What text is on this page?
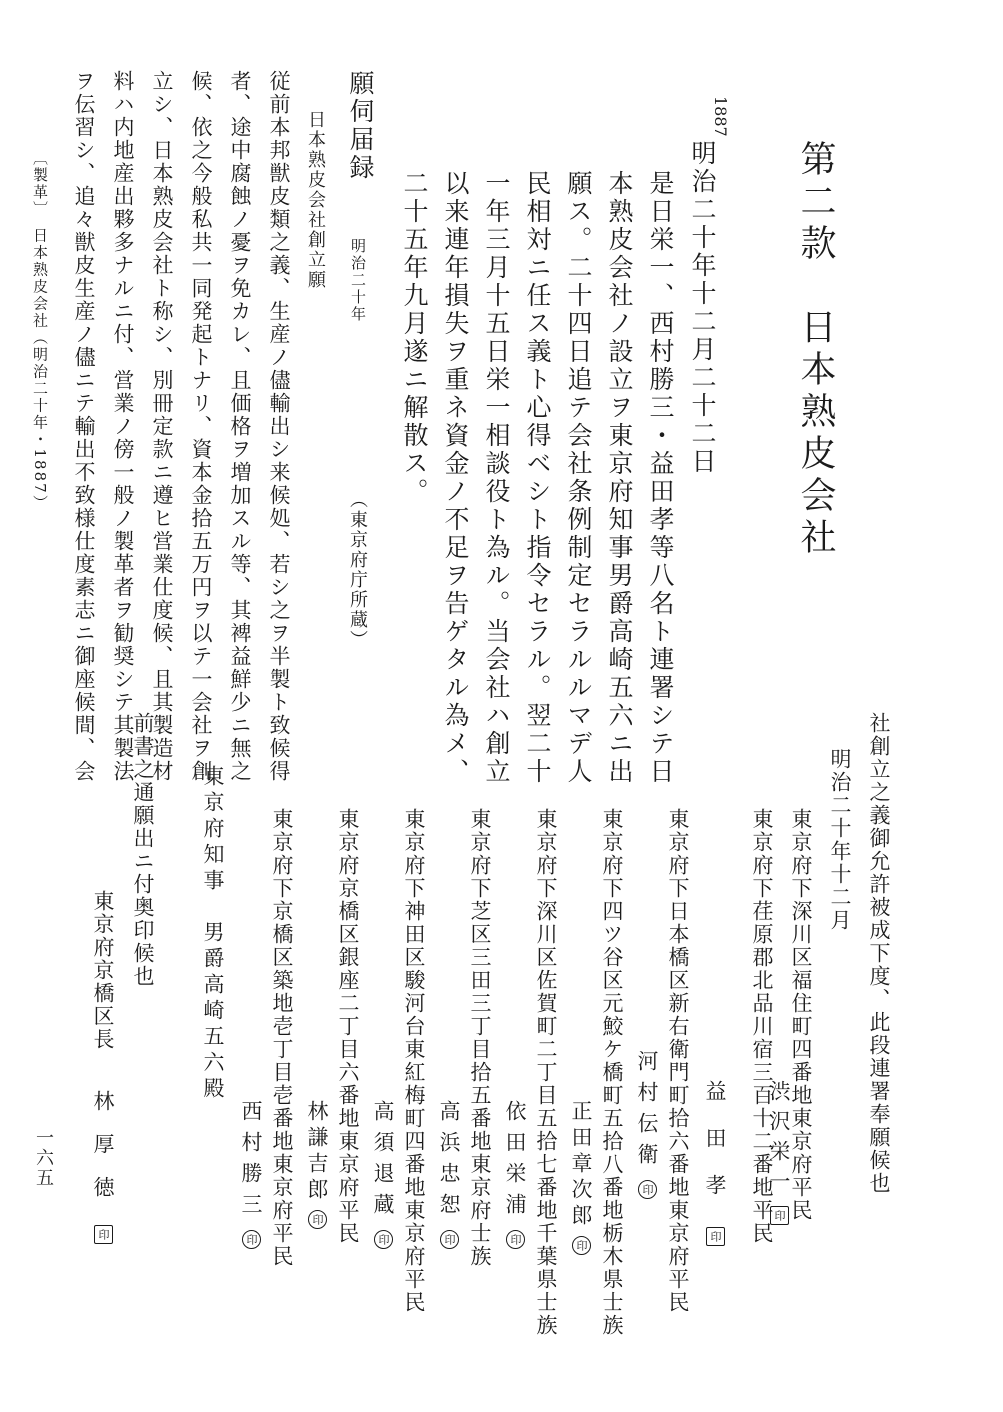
第二款　日本熟皮会社
1887
明治二十年十二月二十二日
是日栄一、西村勝三・益田孝等八名ト連署シテ日
本熟皮会社ノ設立ヲ東京府知事男爵高崎五六ニ出
願ス。二十四日追テ会社条例制定セラルルマデ人
民相対ニ任ス義ト心得ベシト指令セラル。翌二十
一年三月十五日栄一相談役ト為ル。当会社ハ創立
以来連年損失ヲ重ネ資金ノ不足ヲ告ゲタル為メ、
二十五年九月遂ニ解散ス。
願伺届録
明治二十年
（東京府庁所蔵）
日本熟皮会社創立願
従前本邦獣皮類之義、生産ノ儘輸出シ来候処、若シ之ヲ半製ト致候得
者、途中腐蝕ノ憂ヲ免カレ、且価格ヲ増加スル等、其裨益鮮少ニ無之
候、依之今般私共一同発起トナリ、資本金拾五万円ヲ以テ一会社ヲ創
立シ、日本熟皮会社ト称シ、別冊定款ニ遵ヒ営業仕度候、且其製造材
料ハ内地産出夥多ナルニ付、営業ノ傍一般ノ製革者ヲ勧奨シテ其製法
ヲ伝習シ、追々獣皮生産ノ儘ニテ輸出不致様仕度素志ニ御座候間、会
〔製革〕　日本熟皮会社（明治二十年・1887）
社創立之義御允許被成下度、此段連署奉願候也
明治二十年十二月
東京府下深川区福住町四番地東京府平民
東京府下荏原郡北品川宿三百十二番地平民
東京府下日本橋区新右衛門町拾六番地東京府平民
東京府下四ツ谷区元鮫ケ橋町五拾八番地栃木県士族
東京府下深川区佐賀町二丁目五拾七番地千葉県士族
東京府下芝区三田三丁目拾五番地東京府士族
東京府下神田区駿河台東紅梅町四番地東京府平民
東京府京橋区銀座二丁目六番地東京府平民
東京府下京橋区築地壱丁目壱番地東京府平民	渋沢栄一印
益田孝印
河村伝衛印
正田章次郎印
依田栄浦印
高浜忠恕印
高須退蔵印
林謙吉郎印
西村勝三印
東京府知事　男爵高崎五六殿
前書之通願出ニ付奥印候也
東京府京橋区長
林厚徳印
一六五
